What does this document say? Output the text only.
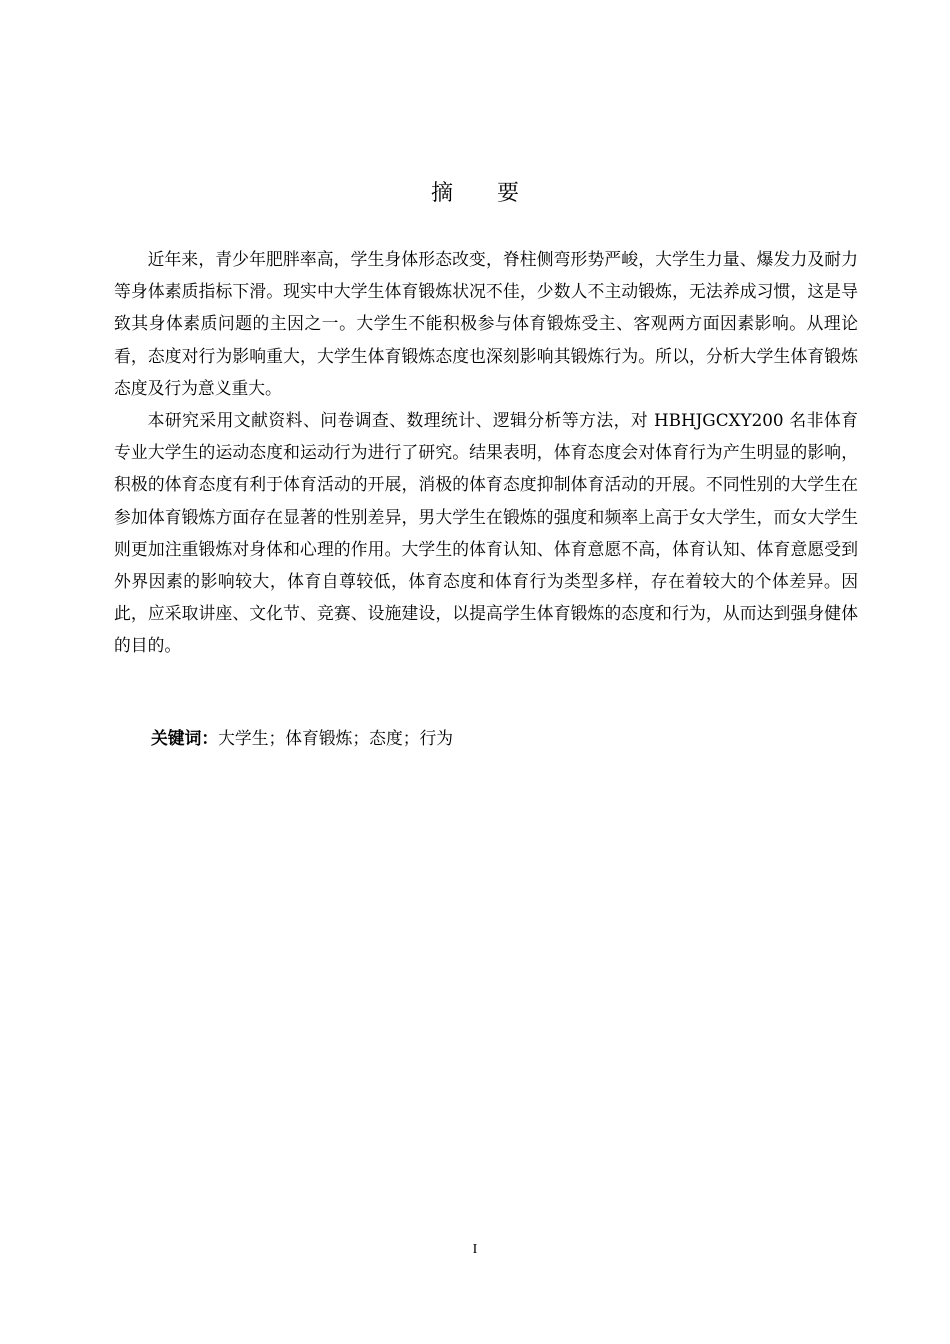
摘 要

近年来，青少年肥胖率高，学生身体形态改变，脊柱侧弯形势严峻，大学生力量、爆发力及耐力等身体素质指标下滑。现实中大学生体育锻炼状况不佳，少数人不主动锻炼，无法养成习惯，这是导致其身体素质问题的主因之一。大学生不能积极参与体育锻炼受主、客观两方面因素影响。从理论看，态度对行为影响重大，大学生体育锻炼态度也深刻影响其锻炼行为。所以，分析大学生体育锻炼态度及行为意义重大。

本研究采用文献资料、问卷调查、数理统计、逻辑分析等方法，对 HBHJGCXY200 名非体育专业大学生的运动态度和运动行为进行了研究。结果表明，体育态度会对体育行为产生明显的影响，积极的体育态度有利于体育活动的开展，消极的体育态度抑制体育活动的开展。不同性别的大学生在参加体育锻炼方面存在显著的性别差异，男大学生在锻炼的强度和频率上高于女大学生，而女大学生则更加注重锻炼对身体和心理的作用。大学生的体育认知、体育意愿不高，体育认知、体育意愿受到外界因素的影响较大，体育自尊较低，体育态度和体育行为类型多样，存在着较大的个体差异。因此，应采取讲座、文化节、竞赛、设施建设，以提高学生体育锻炼的态度和行为，从而达到强身健体的目的。

关键词：大学生；体育锻炼；态度；行为
I
